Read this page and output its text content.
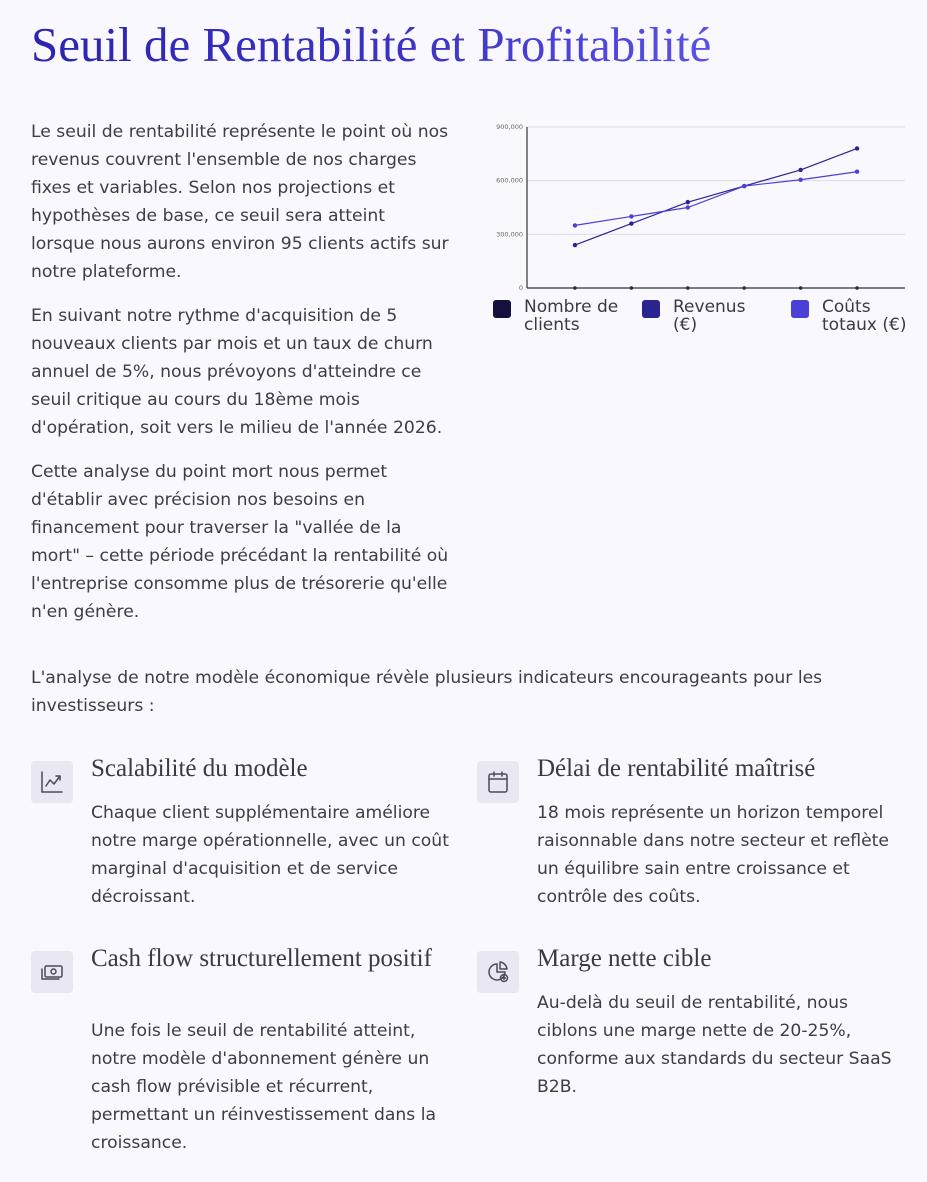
Seuil de Rentabilité et Profitabilité

Le seuil de rentabilité représente le point où nos revenus couvrent l'ensemble de nos charges fixes et variables. Selon nos projections et hypothèses de base, ce seuil sera atteint lorsque nous aurons environ 95 clients actifs sur notre plateforme.

En suivant notre rythme d'acquisition de 5 nouveaux clients par mois et un taux de churn annuel de 5%, nous prévoyons d'atteindre ce seuil critique au cours du 18ème mois d'opération, soit vers le milieu de l'année 2026.

Cette analyse du point mort nous permet d'établir avec précision nos besoins en financement pour traverser la "vallée de la mort" – cette période précédant la rentabilité où l'entreprise consomme plus de trésorerie qu'elle n'en génère.

0
300,000
600,000
900,000
Nombre de clients
Revenus (€)
Coûts totaux (€)

L'analyse de notre modèle économique révèle plusieurs indicateurs encourageants pour les investisseurs :

Scalabilité du modèle

Chaque client supplémentaire améliore notre marge opérationnelle, avec un coût marginal d'acquisition et de service décroissant.

Délai de rentabilité maîtrisé

18 mois représente un horizon temporel raisonnable dans notre secteur et reflète un équilibre sain entre croissance et contrôle des coûts.

Cash flow structurellement positif

Une fois le seuil de rentabilité atteint, notre modèle d'abonnement génère un cash flow prévisible et récurrent, permettant un réinvestissement dans la croissance.

Marge nette cible

Au-delà du seuil de rentabilité, nous ciblons une marge nette de 20-25%, conforme aux standards du secteur SaaS B2B.
